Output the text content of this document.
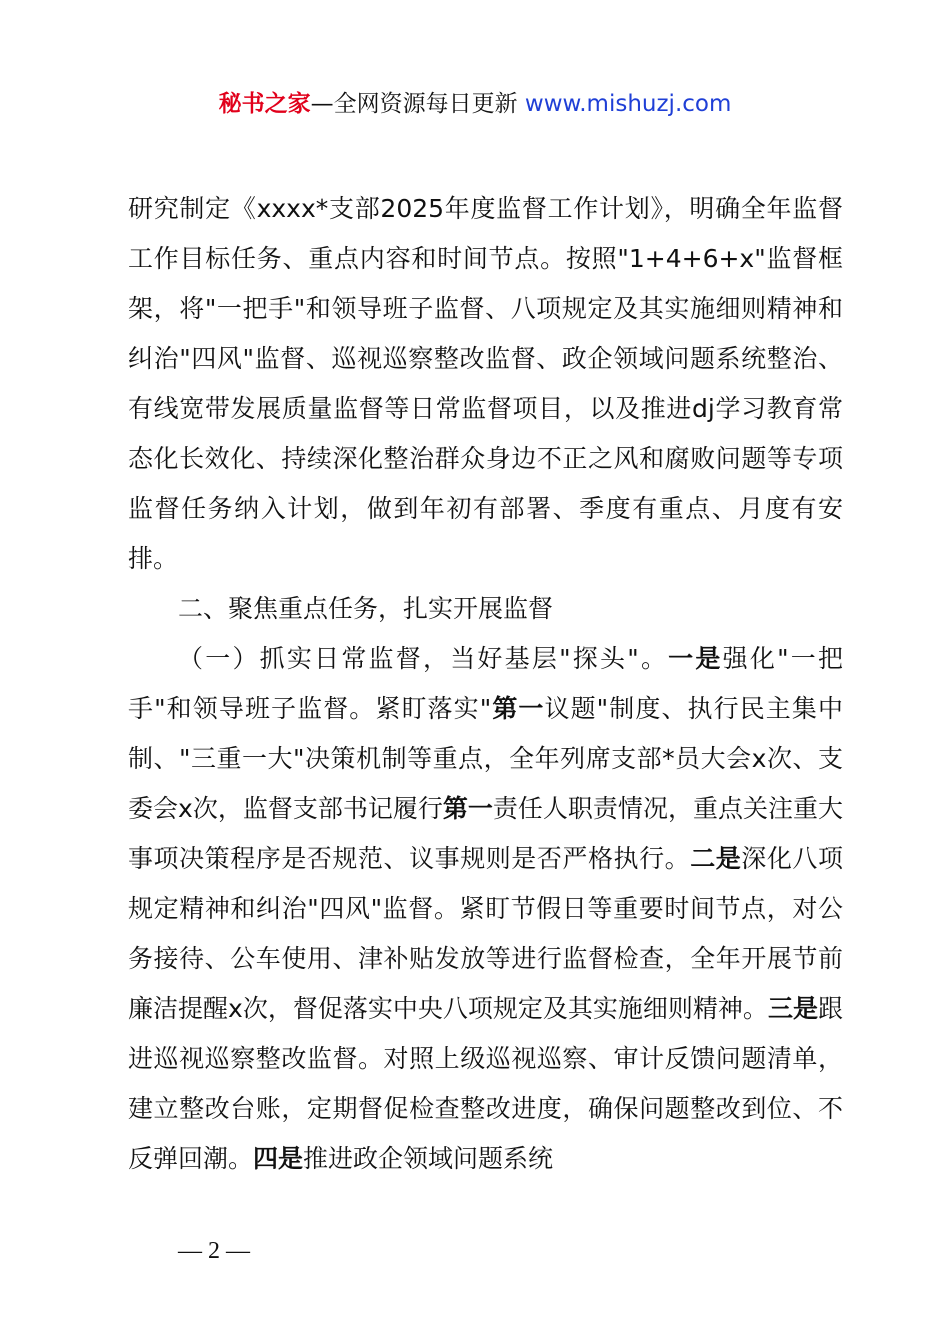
秘书之家—全网资源每日更新 www.mishuzj.com

研究制定《xxxx*支部2025年度监督工作计划》，明确全年监督工作目标任务、重点内容和时间节点。按照"1+4+6+x"监督框架，将"一把手"和领导班子监督、八项规定及其实施细则精神和纠治"四风"监督、巡视巡察整改监督、政企领域问题系统整治、有线宽带发展质量监督等日常监督项目，以及推进dj学习教育常态化长效化、持续深化整治群众身边不正之风和腐败问题等专项监督任务纳入计划，做到年初有部署、季度有重点、月度有安排。

二、聚焦重点任务，扎实开展监督

（一）抓实日常监督，当好基层"探头"。一是强化"一把手"和领导班子监督。紧盯落实"第一议题"制度、执行民主集中制、"三重一大"决策机制等重点，全年列席支部*员大会x次、支委会x次，监督支部书记履行第一责任人职责情况，重点关注重大事项决策程序是否规范、议事规则是否严格执行。二是深化八项规定精神和纠治"四风"监督。紧盯节假日等重要时间节点，对公务接待、公车使用、津补贴发放等进行监督检查，全年开展节前廉洁提醒x次，督促落实中央八项规定及其实施细则精神。三是跟进巡视巡察整改监督。对照上级巡视巡察、审计反馈问题清单，建立整改台账，定期督促检查整改进度，确保问题整改到位、不反弹回潮。四是推进政企领域问题系统

— 2 —
